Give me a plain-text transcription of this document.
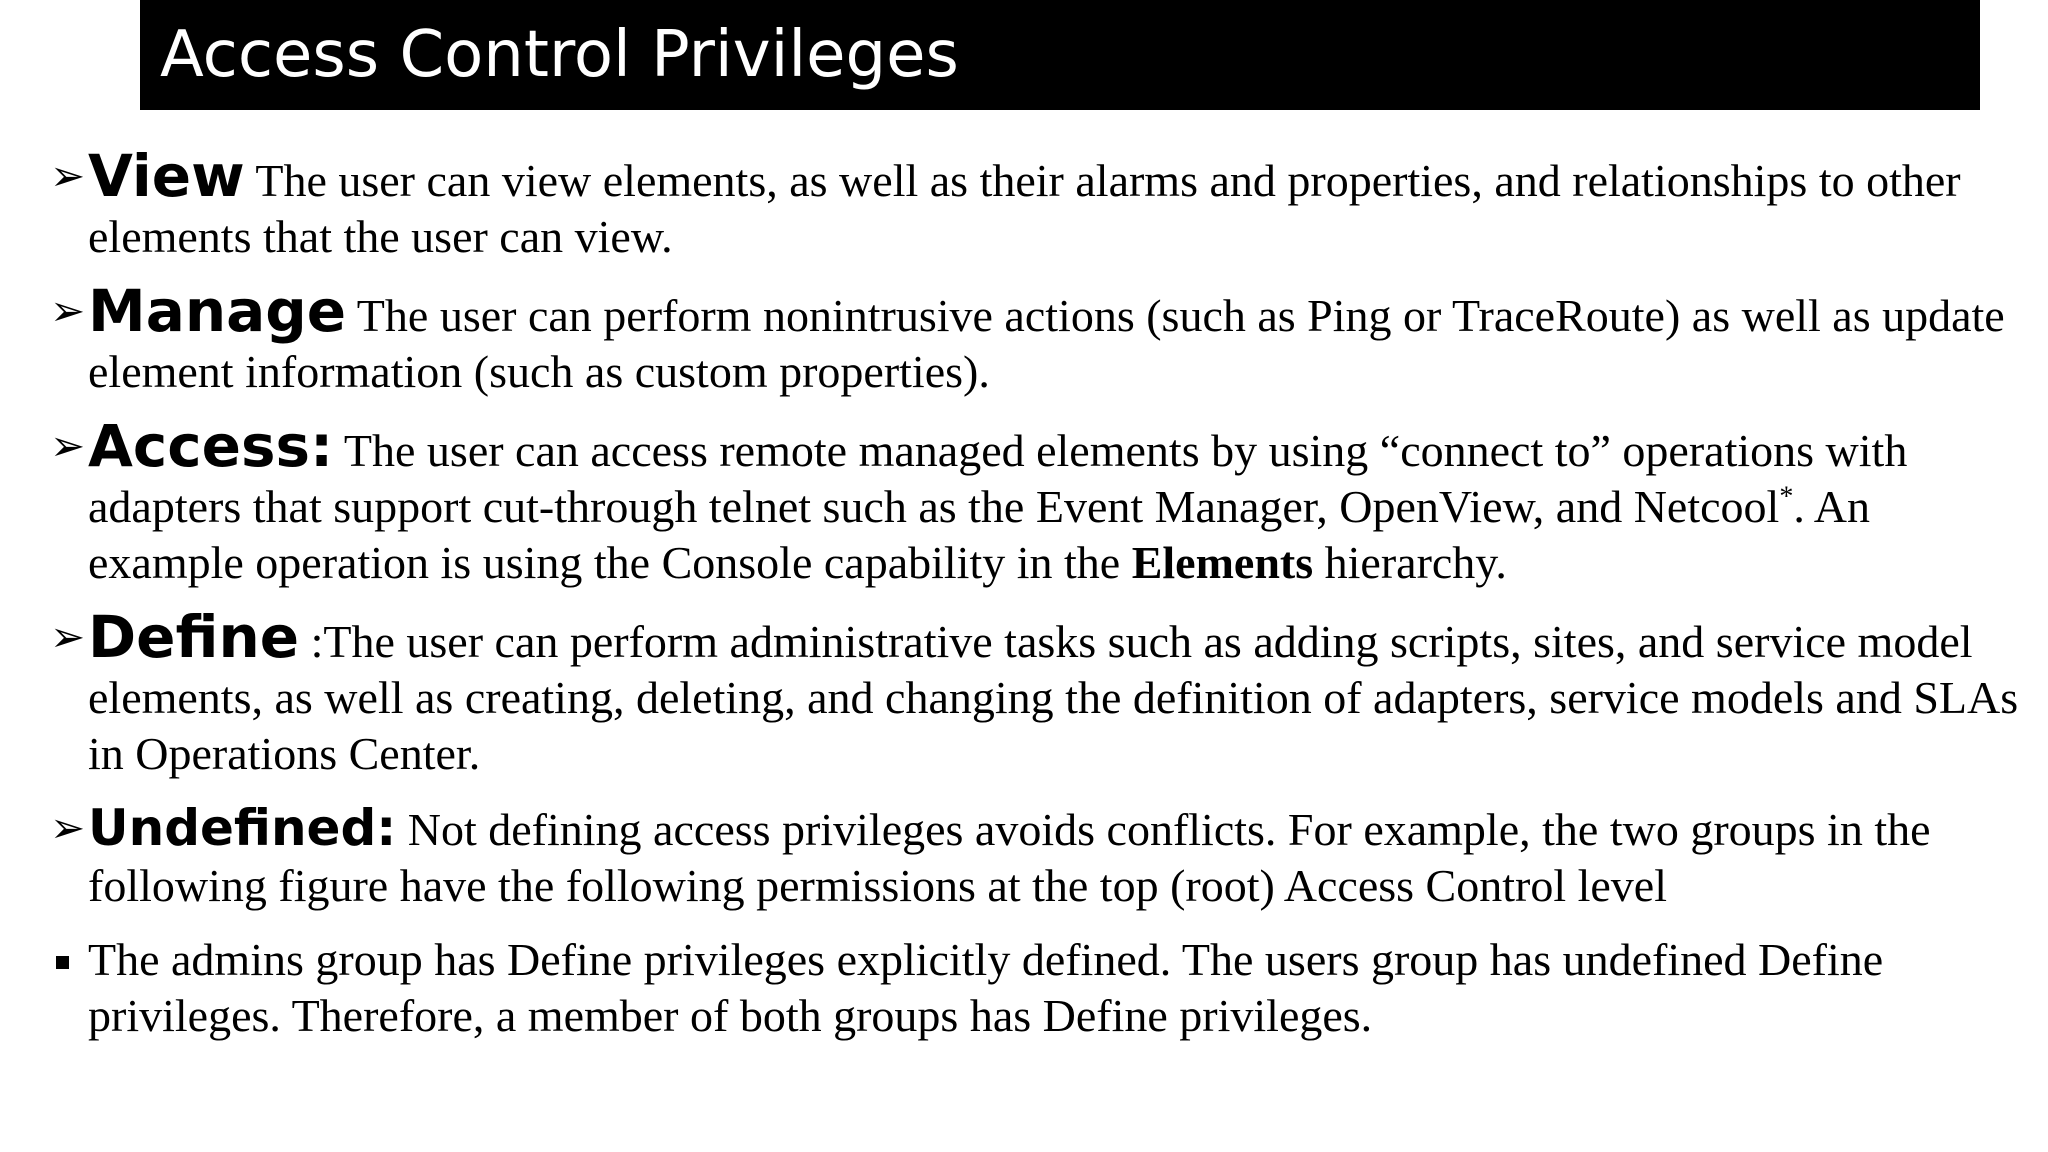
Access Control Privileges
➢ View The user can view elements, as well as their alarms and properties, and relationships to other elements that the user can view.
➢ Manage The user can perform nonintrusive actions (such as Ping or TraceRoute) as well as update element information (such as custom properties).
➢ Access: The user can access remote managed elements by using “connect to” operations with adapters that support cut-through telnet such as the Event Manager, OpenView, and Netcool*. An example operation is using the Console capability in the Elements hierarchy.
➢ Define :The user can perform administrative tasks such as adding scripts, sites, and service model elements, as well as creating, deleting, and changing the definition of adapters, service models and SLAs in Operations Center.
➢ Undefined: Not defining access privileges avoids conflicts. For example, the two groups in the following figure have the following permissions at the top (root) Access Control level
The admins group has Define privileges explicitly defined. The users group has undefined Define privileges. Therefore, a member of both groups has Define privileges.
